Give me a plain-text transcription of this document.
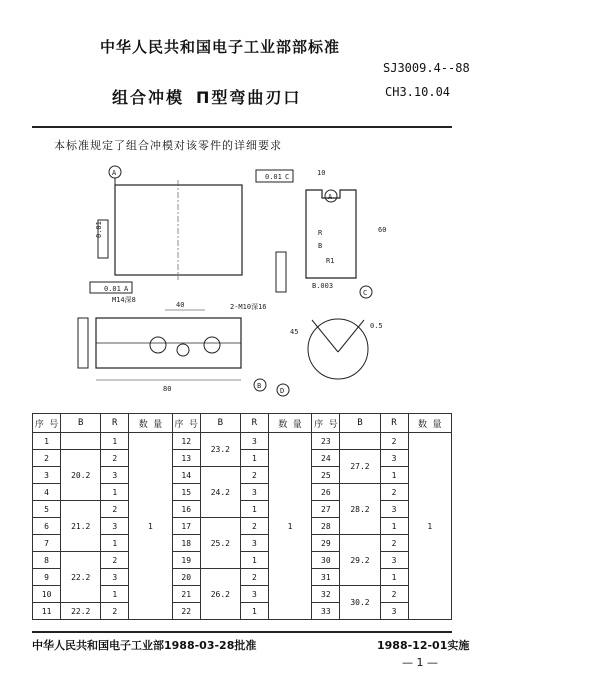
中华人民共和国电子工业部部标准
SJ3009.4--88
CH3.10.04
组合冲模 П型弯曲刃口
本标准规定了组合冲模对该零件的详细要求
A
0.01
0.01 A
40
M14深8
2-M10深16
80	B
D
0.01 C
A
10
R
B
R1
B.003
60
C
45
0.5
序 号	B	R	数 量	序 号	B	R	数 量	序 号	B	R	数 量
1		1	1	12	23.2	3	1	23		2	1
2	20.2	2		13		1		24	27.2	3	
3		3		14	24.2	2		25		1	
4		1		15		3		26	28.2	2	
5	21.2	2		16		1		27		3	
6		3		17	25.2	2		28		1	
7		1		18		3		29	29.2	2	
8	22.2	2		19		1		30		3	
9		3		20	26.2	2		31		1	
10		1		21		3		32	30.2	2	
11	22.2	2		22		1		33		3	
中华人民共和国电子工业部1988-03-28批准	1988-12-01实施
— 1 —
